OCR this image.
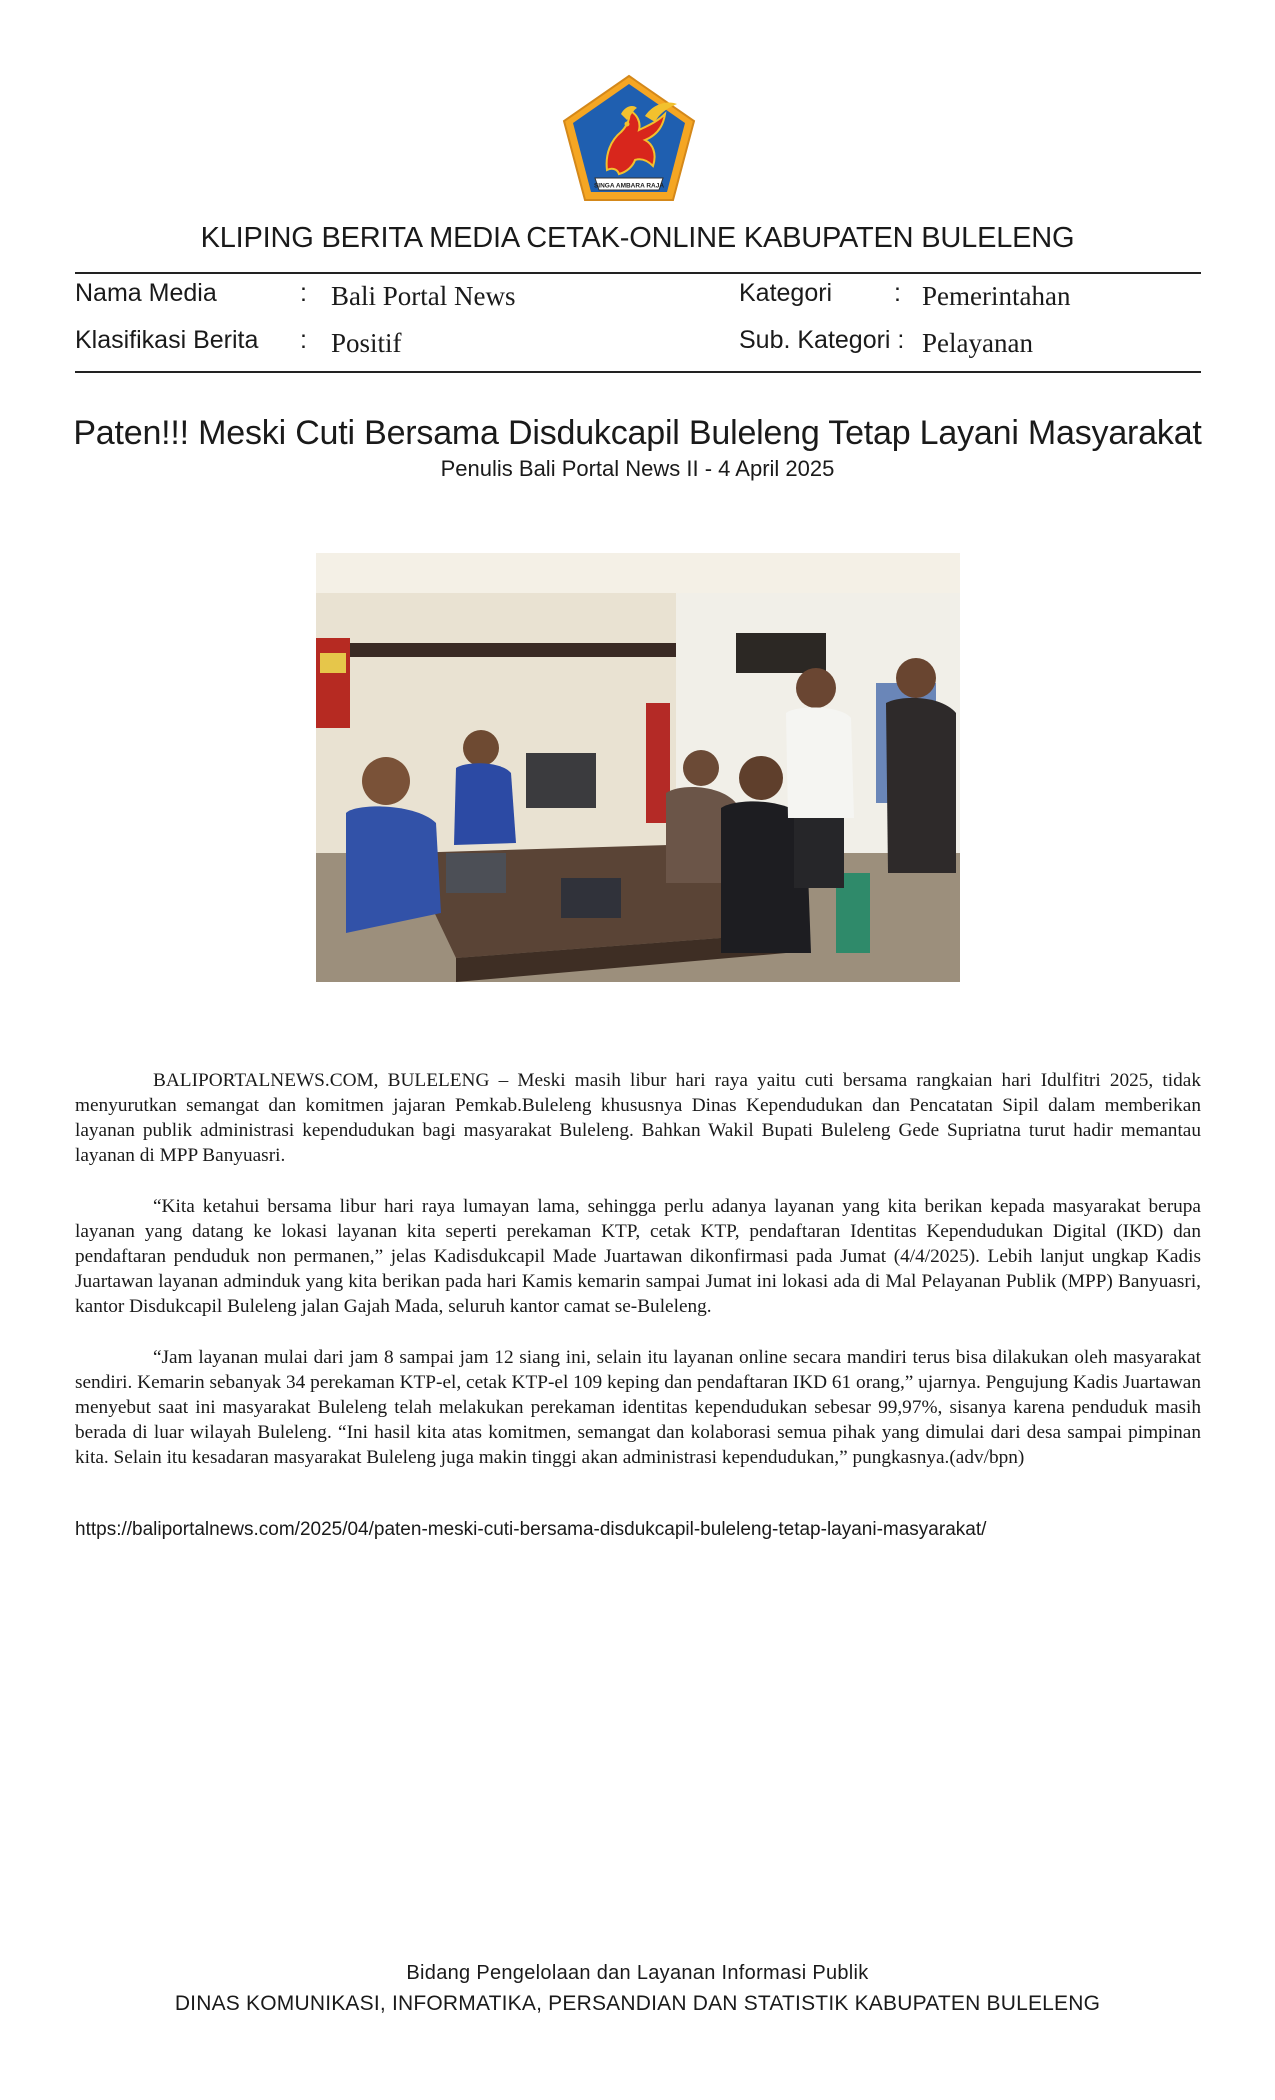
SINGA AMBARA RAJA
KLIPING BERITA MEDIA CETAK-ONLINE KABUPATEN BULELENG
Nama Media	: Bali Portal News	Kategori : Pemerintahan
Klasifikasi Berita : Positif	Sub. Kategori : Pelayanan
Paten!!! Meski Cuti Bersama Disdukcapil Buleleng Tetap Layani Masyarakat
Penulis Bali Portal News II - 4 April 2025

BALIPORTALNEWS.COM, BULELENG – Meski masih libur hari raya yaitu cuti bersama rangkaian hari Idulfitri 2025, tidak menyurutkan semangat dan komitmen jajaran Pemkab.Buleleng khususnya Dinas Kependudukan dan Pencatatan Sipil dalam memberikan layanan publik administrasi kependudukan bagi masyarakat Buleleng. Bahkan Wakil Bupati Buleleng Gede Supriatna turut hadir memantau layanan di MPP Banyuasri.

“Kita ketahui bersama libur hari raya lumayan lama, sehingga perlu adanya layanan yang kita berikan kepada masyarakat berupa layanan yang datang ke lokasi layanan kita seperti perekaman KTP, cetak KTP, pendaftaran Identitas Kependudukan Digital (IKD) dan pendaftaran penduduk non permanen,” jelas Kadisdukcapil Made Juartawan dikonfirmasi pada Jumat (4/4/2025). Lebih lanjut ungkap Kadis Juartawan layanan adminduk yang kita berikan pada hari Kamis kemarin sampai Jumat ini lokasi ada di Mal Pelayanan Publik (MPP) Banyuasri, kantor Disdukcapil Buleleng jalan Gajah Mada, seluruh kantor camat se-Buleleng.

“Jam layanan mulai dari jam 8 sampai jam 12 siang ini, selain itu layanan online secara mandiri terus bisa dilakukan oleh masyarakat sendiri. Kemarin sebanyak 34 perekaman KTP-el, cetak KTP-el 109 keping dan pendaftaran IKD 61 orang,” ujarnya. Pengujung Kadis Juartawan menyebut saat ini masyarakat Buleleng telah melakukan perekaman identitas kependudukan sebesar 99,97%, sisanya karena penduduk masih berada di luar wilayah Buleleng. “Ini hasil kita atas komitmen, semangat dan kolaborasi semua pihak yang dimulai dari desa sampai pimpinan kita. Selain itu kesadaran masyarakat Buleleng juga makin tinggi akan administrasi kependudukan,” pungkasnya.(adv/bpn)

https://baliportalnews.com/2025/04/paten-meski-cuti-bersama-disdukcapil-buleleng-tetap-layani-masyarakat/
Bidang Pengelolaan dan Layanan Informasi Publik
DINAS KOMUNIKASI, INFORMATIKA, PERSANDIAN DAN STATISTIK KABUPATEN BULELENG
